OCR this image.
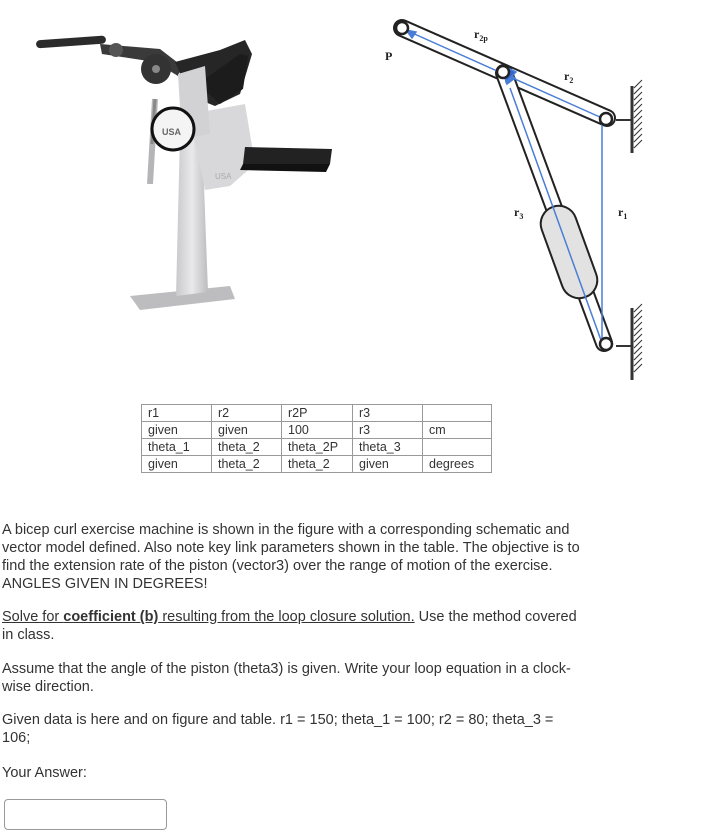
USA
USA
$r_{2p}$
P
$r_2$
$r_3$	$r_1$
r1	r2	r2P	r3	
given	given	100	r3	cm
theta_1	theta_2	theta_2P	theta_3	
given	theta_2	theta_2	given	degrees

A bicep curl exercise machine is shown in the figure with a corresponding schematic and vector model defined. Also note key link parameters shown in the table. The objective is to find the extension rate of the piston (vector3) over the range of motion of the exercise. ANGLES GIVEN IN DEGREES!

Solve for coefficient (b) resulting from the loop closure solution. Use the method covered in class.

Assume that the angle of the piston (theta3) is given. Write your loop equation in a clock-wise direction.

Given data is here and on figure and table. r1 = 150; theta_1 = 100; r2 = 80; theta_3 = 106;

Your Answer:
